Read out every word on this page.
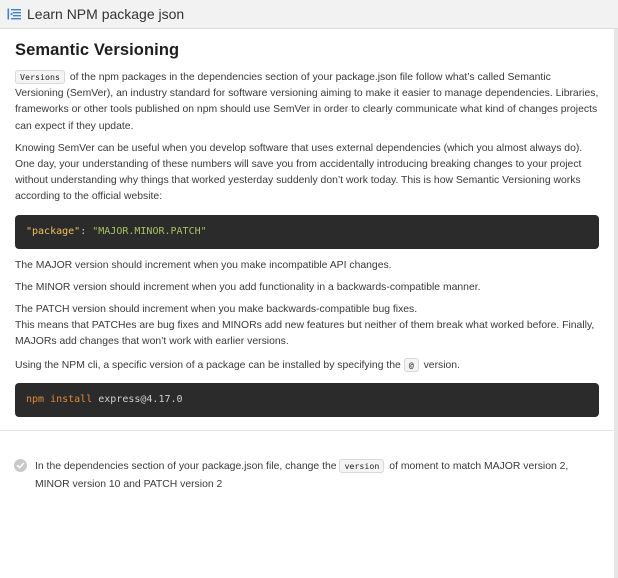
Learn NPM package json
Semantic Versioning

Versions of the npm packages in the dependencies section of your package.json file follow what’s called Semantic Versioning (SemVer), an industry standard for software versioning aiming to make it easier to manage dependencies. Libraries, frameworks or other tools published on npm should use SemVer in order to clearly communicate what kind of changes projects can expect if they update.

Knowing SemVer can be useful when you develop software that uses external dependencies (which you almost always do). One day, your understanding of these numbers will save you from accidentally introducing breaking changes to your project without understanding why things that worked yesterday suddenly don’t work today. This is how Semantic Versioning works according to the official website:

"package" : "MAJOR.MINOR.PATCH"

The MAJOR version should increment when you make incompatible API changes.

The MINOR version should increment when you add functionality in a backwards-compatible manner.

The PATCH version should increment when you make backwards-compatible bug fixes.

This means that PATCHes are bug fixes and MINORs add new features but neither of them break what worked before. Finally, MAJORs add changes that won’t work with earlier versions.

Using the NPM cli, a specific version of a package can be installed by specifying the @ version.

npm install express@4.17.0
In the dependencies section of your package.json file, change the version of moment to match MAJOR version 2, MINOR version 10 and PATCH version 2
